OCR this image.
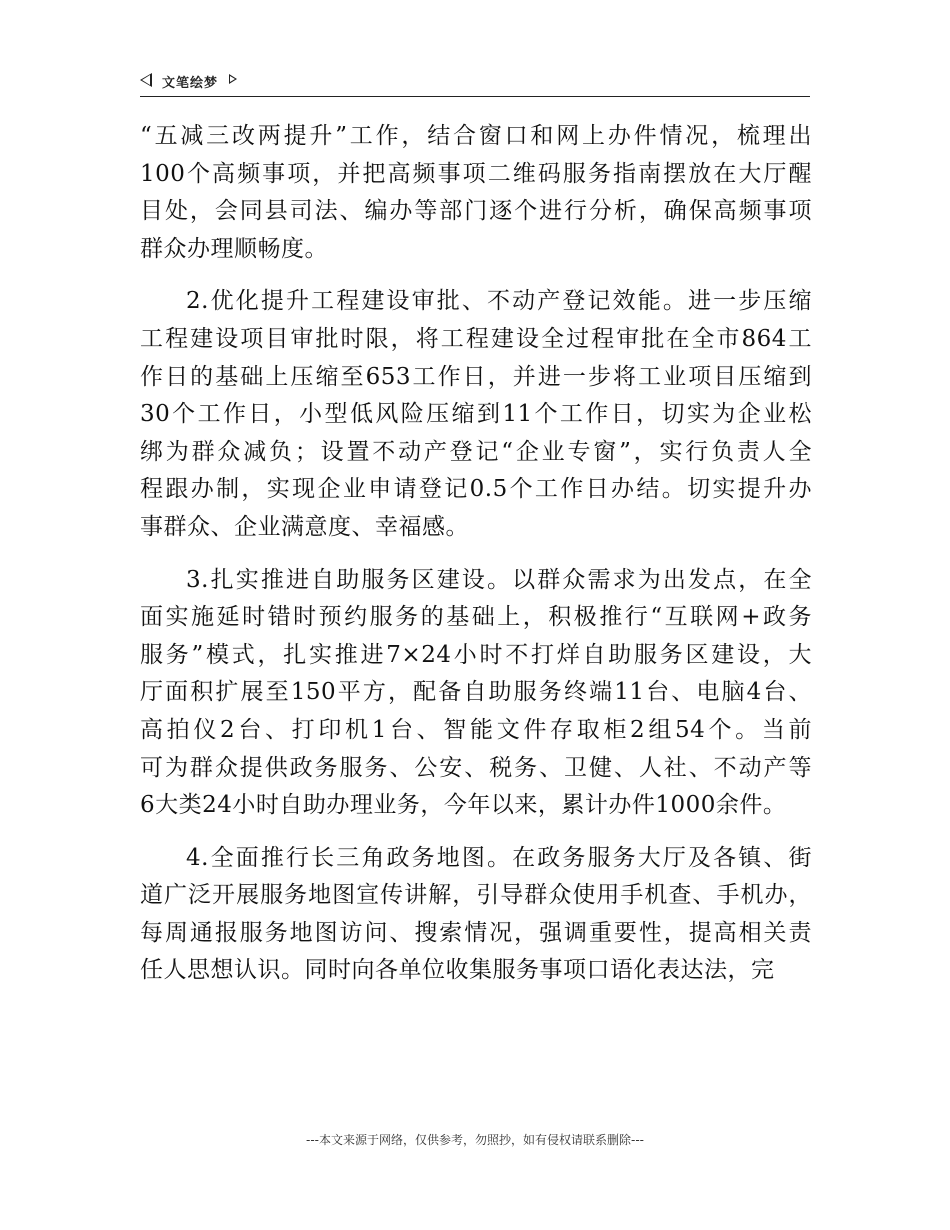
文笔绘梦
“五减三改两提升”工作，结合窗口和网上办件情况，梳理出
100个高频事项，并把高频事项二维码服务指南摆放在大厅醒
目处，会同县司法、编办等部门逐个进行分析，确保高频事项
群众办理顺畅度。
2.优化提升工程建设审批、不动产登记效能。进一步压缩
工程建设项目审批时限，将工程建设全过程审批在全市864工
作日的基础上压缩至653工作日，并进一步将工业项目压缩到
30个工作日，小型低风险压缩到11个工作日，切实为企业松
绑为群众减负；设置不动产登记“企业专窗”，实行负责人全
程跟办制，实现企业申请登记0.5个工作日办结。切实提升办
事群众、企业满意度、幸福感。
3.扎实推进自助服务区建设。以群众需求为出发点，在全
面实施延时错时预约服务的基础上，积极推行“互联网+政务
服务”模式，扎实推进7×24小时不打烊自助服务区建设，大
厅面积扩展至150平方，配备自助服务终端11台、电脑4台、
高拍仪2台、打印机1台、智能文件存取柜2组54个。当前
可为群众提供政务服务、公安、税务、卫健、人社、不动产等
6大类24小时自助办理业务，今年以来，累计办件1000余件。
4.全面推行长三角政务地图。在政务服务大厅及各镇、街
道广泛开展服务地图宣传讲解，引导群众使用手机查、手机办，
每周通报服务地图访问、搜索情况，强调重要性，提高相关责
任人思想认识。同时向各单位收集服务事项口语化表达法，完
---本文来源于网络，仅供参考，勿照抄，如有侵权请联系删除---
